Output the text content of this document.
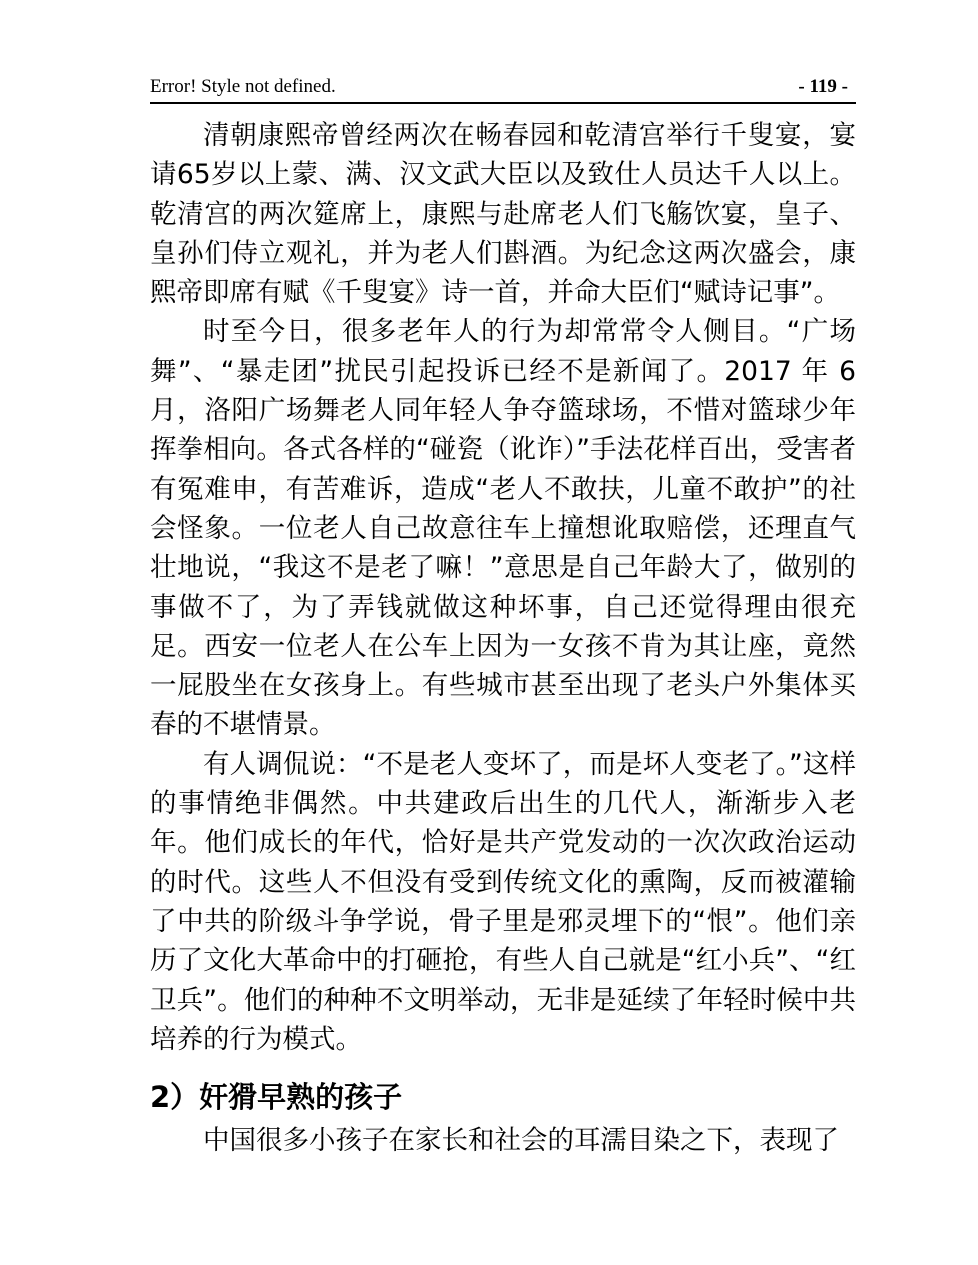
Error! Style not defined.	- 119 -

清朝康熙帝曾经两次在畅春园和乾清宫举行千叟宴，宴请65岁以上蒙、满、汉文武大臣以及致仕人员达千人以上。乾清宫的两次筵席上，康熙与赴席老人们飞觞饮宴，皇子、皇孙们侍立观礼，并为老人们斟酒。为纪念这两次盛会，康熙帝即席有赋《千叟宴》诗一首，并命大臣们“赋诗记事”。

时至今日，很多老年人的行为却常常令人侧目。“广场舞”、“暴走团”扰民引起投诉已经不是新闻了。2017 年 6 月，洛阳广场舞老人同年轻人争夺篮球场，不惜对篮球少年挥拳相向。各式各样的“碰瓷（讹诈）”手法花样百出，受害者有冤难申，有苦难诉，造成“老人不敢扶，儿童不敢护”的社会怪象。一位老人自己故意往车上撞想讹取赔偿，还理直气壮地说，“我这不是老了嘛！”意思是自己年龄大了，做别的事做不了，为了弄钱就做这种坏事，自己还觉得理由很充足。西安一位老人在公车上因为一女孩不肯为其让座，竟然一屁股坐在女孩身上。有些城市甚至出现了老头户外集体买春的不堪情景。

有人调侃说：“不是老人变坏了，而是坏人变老了。”这样的事情绝非偶然。中共建政后出生的几代人，渐渐步入老年。他们成长的年代，恰好是共产党发动的一次次政治运动的时代。这些人不但没有受到传统文化的熏陶，反而被灌输了中共的阶级斗争学说，骨子里是邪灵埋下的“恨”。他们亲历了文化大革命中的打砸抢，有些人自己就是“红小兵”、“红卫兵”。他们的种种不文明举动，无非是延续了年轻时候中共培养的行为模式。

2）奸猾早熟的孩子

中国很多小孩子在家长和社会的耳濡目染之下，表现了
